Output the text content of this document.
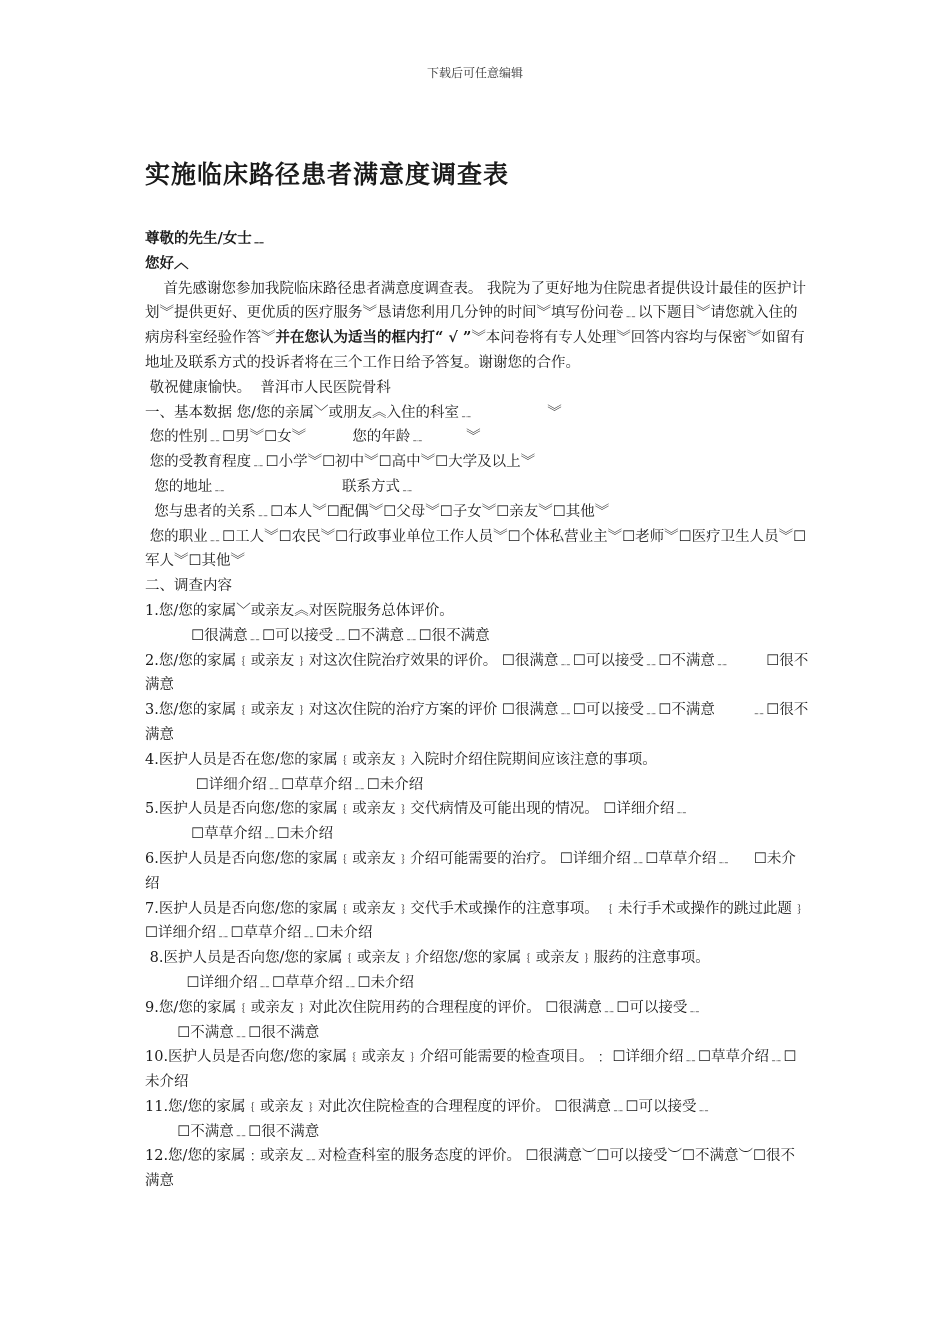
下载后可任意编辑
实施临床路径患者满意度调查表
尊敬的先生/女士﹎
您好︿
首先感谢您参加我院临床路径患者满意度调查表。 我院为了更好地为住院患者提供设计最佳的医护计划︾提供更好、更优质的医疗服务︾恳请您利用几分钟的时间︾填写份问卷﹎以下题目︾请您就入住的病房科室经验作答︾并在您认为适当的框内打“ √ ”︾本问卷将有专人处理︾回答内容均与保密︾如留有地址及联系方式的投诉者将在三个工作日给予答复。谢谢您的合作。
敬祝健康愉快。  普洱市人民医院骨科
一、基本数据 您/您的亲属﹀或朋友︽入住的科室﹎                ︾
您的性别﹎☐男︾☐女︾          您的年龄﹎         ︾
您的受教育程度﹎☐小学︾☐初中︾☐高中︾☐大学及以上︾
您的地址﹎                         联系方式﹎
您与患者的关系﹎☐本人︾☐配偶︾☐父母︾☐子女︾☐亲友︾☐其他︾
您的职业﹎☐工人︾☐农民︾☐行政事业单位工作人员︾☐个体私营业主︾☐老师︾☐医疗卫生人员︾☐军人︾☐其他︾
二、调查内容
1.您/您的家属﹀或亲友︽对医院服务总体评价。
☐很满意﹎☐可以接受﹎☐不满意﹎☐很不满意
2.您/您的家属﹛或亲友﹜对这次住院治疗效果的评价。 ☐很满意﹎☐可以接受﹎☐不满意﹎        ☐很不满意
3.您/您的家属﹛或亲友﹜对这次住院的治疗方案的评价 ☐很满意﹎☐可以接受﹎☐不满意        ﹎☐很不满意
4.医护人员是否在您/您的家属﹛或亲友﹜入院时介绍住院期间应该注意的事项。
☐详细介绍﹎☐草草介绍﹎☐未介绍
5.医护人员是否向您/您的家属﹛或亲友﹜交代病情及可能出现的情况。 ☐详细介绍﹎
☐草草介绍﹎☐未介绍
6.医护人员是否向您/您的家属﹛或亲友﹜介绍可能需要的治疗。 ☐详细介绍﹎☐草草介绍﹎     ☐未介绍
7.医护人员是否向您/您的家属﹛或亲友﹜交代手术或操作的注意事项。 ﹛未行手术或操作的跳过此题﹜ ☐详细介绍﹎☐草草介绍﹎☐未介绍
8.医护人员是否向您/您的家属﹛或亲友﹜介绍您/您的家属﹛或亲友﹜服药的注意事项。
☐详细介绍﹎☐草草介绍﹎☐未介绍
9.您/您的家属﹛或亲友﹜对此次住院用药的合理程度的评价。 ☐很满意﹎☐可以接受﹎
☐不满意﹎☐很不满意
10.医护人员是否向您/您的家属﹛或亲友﹜介绍可能需要的检查项目。﹕ ☐详细介绍﹎☐草草介绍﹎☐未介绍
11.您/您的家属﹛或亲友﹜对此次住院检查的合理程度的评价。 ☐很满意﹎☐可以接受﹎
☐不满意﹎☐很不满意
12.您/您的家属﹕或亲友﹎对检查科室的服务态度的评价。 ☐很满意︶☐可以接受︶☐不满意︶☐很不满意
